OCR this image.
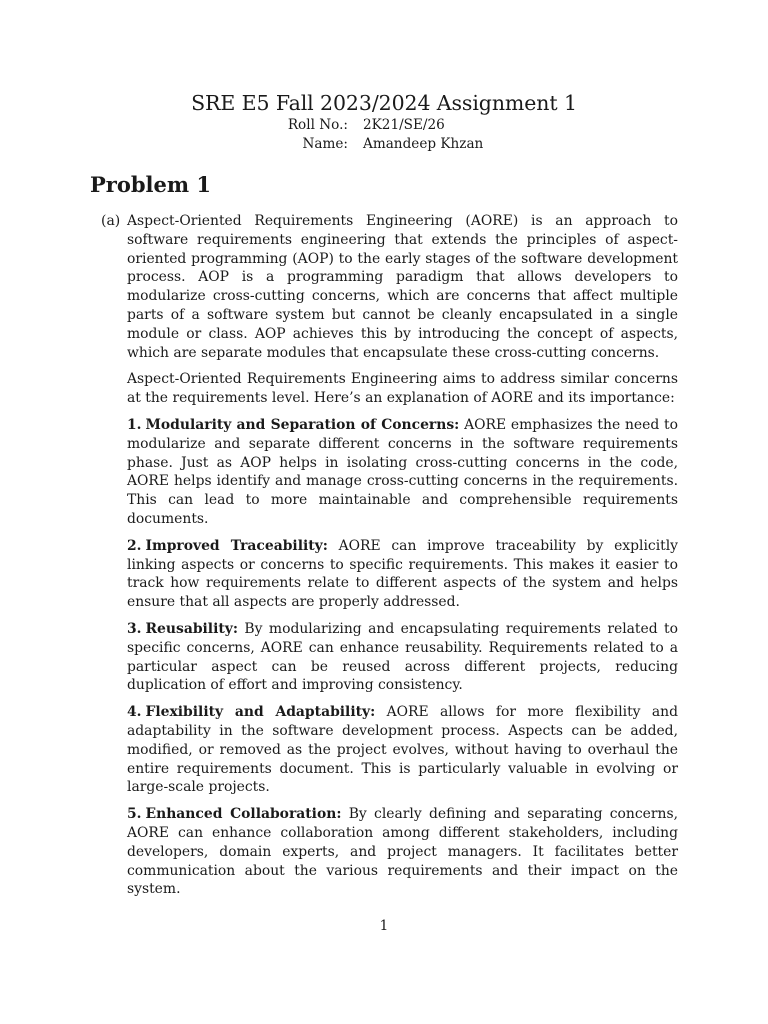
SRE E5 Fall 2023/2024 Assignment 1
Roll No.: 2K21/SE/26
Name: Amandeep Khzan
Problem 1
(a) Aspect-Oriented Requirements Engineering (AORE) is an approach to software requirements engineering that extends the principles of aspect-oriented programming (AOP) to the early stages of the software development process. AOP is a programming paradigm that allows developers to modularize cross-cutting concerns, which are concerns that affect multiple parts of a software system but cannot be cleanly encapsulated in a single module or class. AOP achieves this by introducing the concept of aspects, which are separate modules that encapsulate these cross-cutting concerns.

Aspect-Oriented Requirements Engineering aims to address similar concerns at the requirements level. Here’s an explanation of AORE and its importance:

1. Modularity and Separation of Concerns: AORE emphasizes the need to modularize and separate different concerns in the software requirements phase. Just as AOP helps in isolating cross-cutting concerns in the code, AORE helps identify and manage cross-cutting concerns in the requirements. This can lead to more maintainable and comprehensible requirements documents.

2. Improved Traceability: AORE can improve traceability by explicitly linking aspects or concerns to specific requirements. This makes it easier to track how requirements relate to different aspects of the system and helps ensure that all aspects are properly addressed.

3. Reusability: By modularizing and encapsulating requirements related to specific concerns, AORE can enhance reusability. Requirements related to a particular aspect can be reused across different projects, reducing duplication of effort and improving consistency.

4. Flexibility and Adaptability: AORE allows for more flexibility and adaptability in the software development process. Aspects can be added, modified, or removed as the project evolves, without having to overhaul the entire requirements document. This is particularly valuable in evolving or large-scale projects.

5. Enhanced Collaboration: By clearly defining and separating concerns, AORE can enhance collaboration among different stakeholders, including developers, domain experts, and project managers. It facilitates better communication about the various requirements and their impact on the system.

1
